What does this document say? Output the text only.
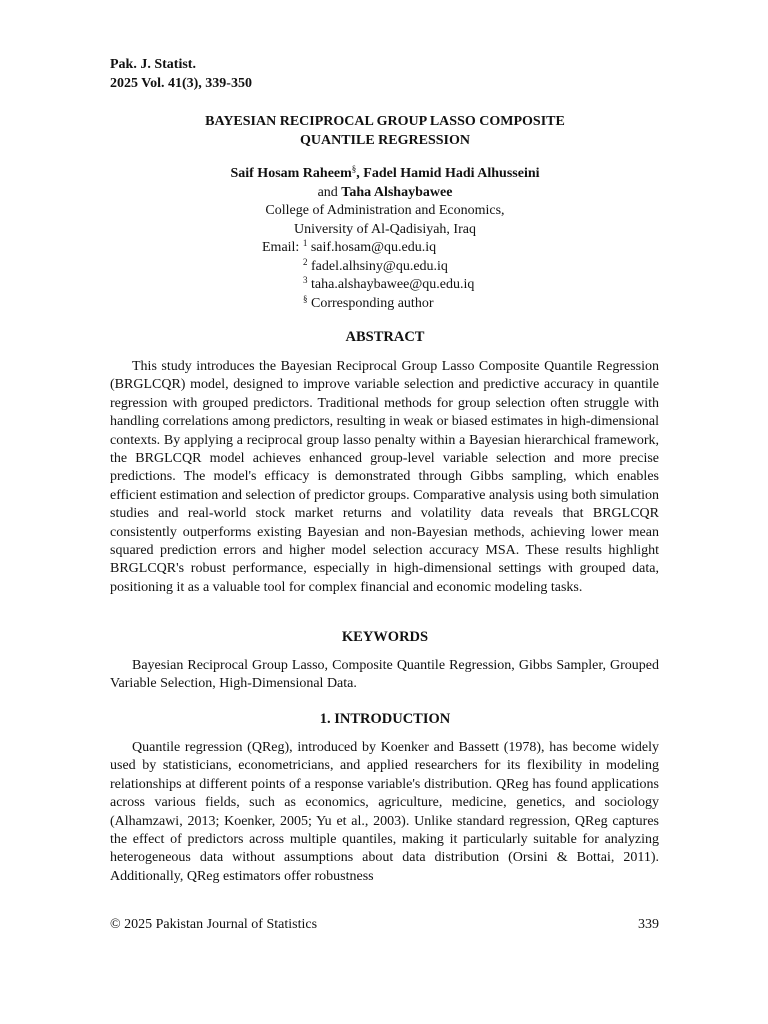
Pak. J. Statist.
2025 Vol. 41(3), 339-350
BAYESIAN RECIPROCAL GROUP LASSO COMPOSITE
QUANTILE REGRESSION
Saif Hosam Raheem§, Fadel Hamid Hadi Alhusseini
and Taha Alshaybawee
College of Administration and Economics,
University of Al-Qadisiyah, Iraq
Email: $^1$ saif.hosam@qu.edu.iq
$^2$ fadel.alhsiny@qu.edu.iq
$^3$ taha.alshaybawee@qu.edu.iq
§ Corresponding author
ABSTRACT

This study introduces the Bayesian Reciprocal Group Lasso Composite Quantile Regression (BRGLCQR) model, designed to improve variable selection and predictive accuracy in quantile regression with grouped predictors. Traditional methods for group selection often struggle with handling correlations among predictors, resulting in weak or biased estimates in high-dimensional contexts. By applying a reciprocal group lasso penalty within a Bayesian hierarchical framework, the BRGLCQR model achieves enhanced group-level variable selection and more precise predictions. The model's efficacy is demonstrated through Gibbs sampling, which enables efficient estimation and selection of predictor groups. Comparative analysis using both simulation studies and real-world stock market returns and volatility data reveals that BRGLCQR consistently outperforms existing Bayesian and non-Bayesian methods, achieving lower mean squared prediction errors and higher model selection accuracy MSA. These results highlight BRGLCQR's robust performance, especially in high-dimensional settings with grouped data, positioning it as a valuable tool for complex financial and economic modeling tasks.

KEYWORDS

Bayesian Reciprocal Group Lasso, Composite Quantile Regression, Gibbs Sampler, Grouped Variable Selection, High-Dimensional Data.

1. INTRODUCTION

Quantile regression (QReg), introduced by Koenker and Bassett (1978), has become widely used by statisticians, econometricians, and applied researchers for its flexibility in modeling relationships at different points of a response variable's distribution. QReg has found applications across various fields, such as economics, agriculture, medicine, genetics, and sociology (Alhamzawi, 2013; Koenker, 2005; Yu et al., 2003). Unlike standard regression, QReg captures the effect of predictors across multiple quantiles, making it particularly suitable for analyzing heterogeneous data without assumptions about data distribution (Orsini & Bottai, 2011). Additionally, QReg estimators offer robustness

© 2025 Pakistan Journal of Statistics	339
